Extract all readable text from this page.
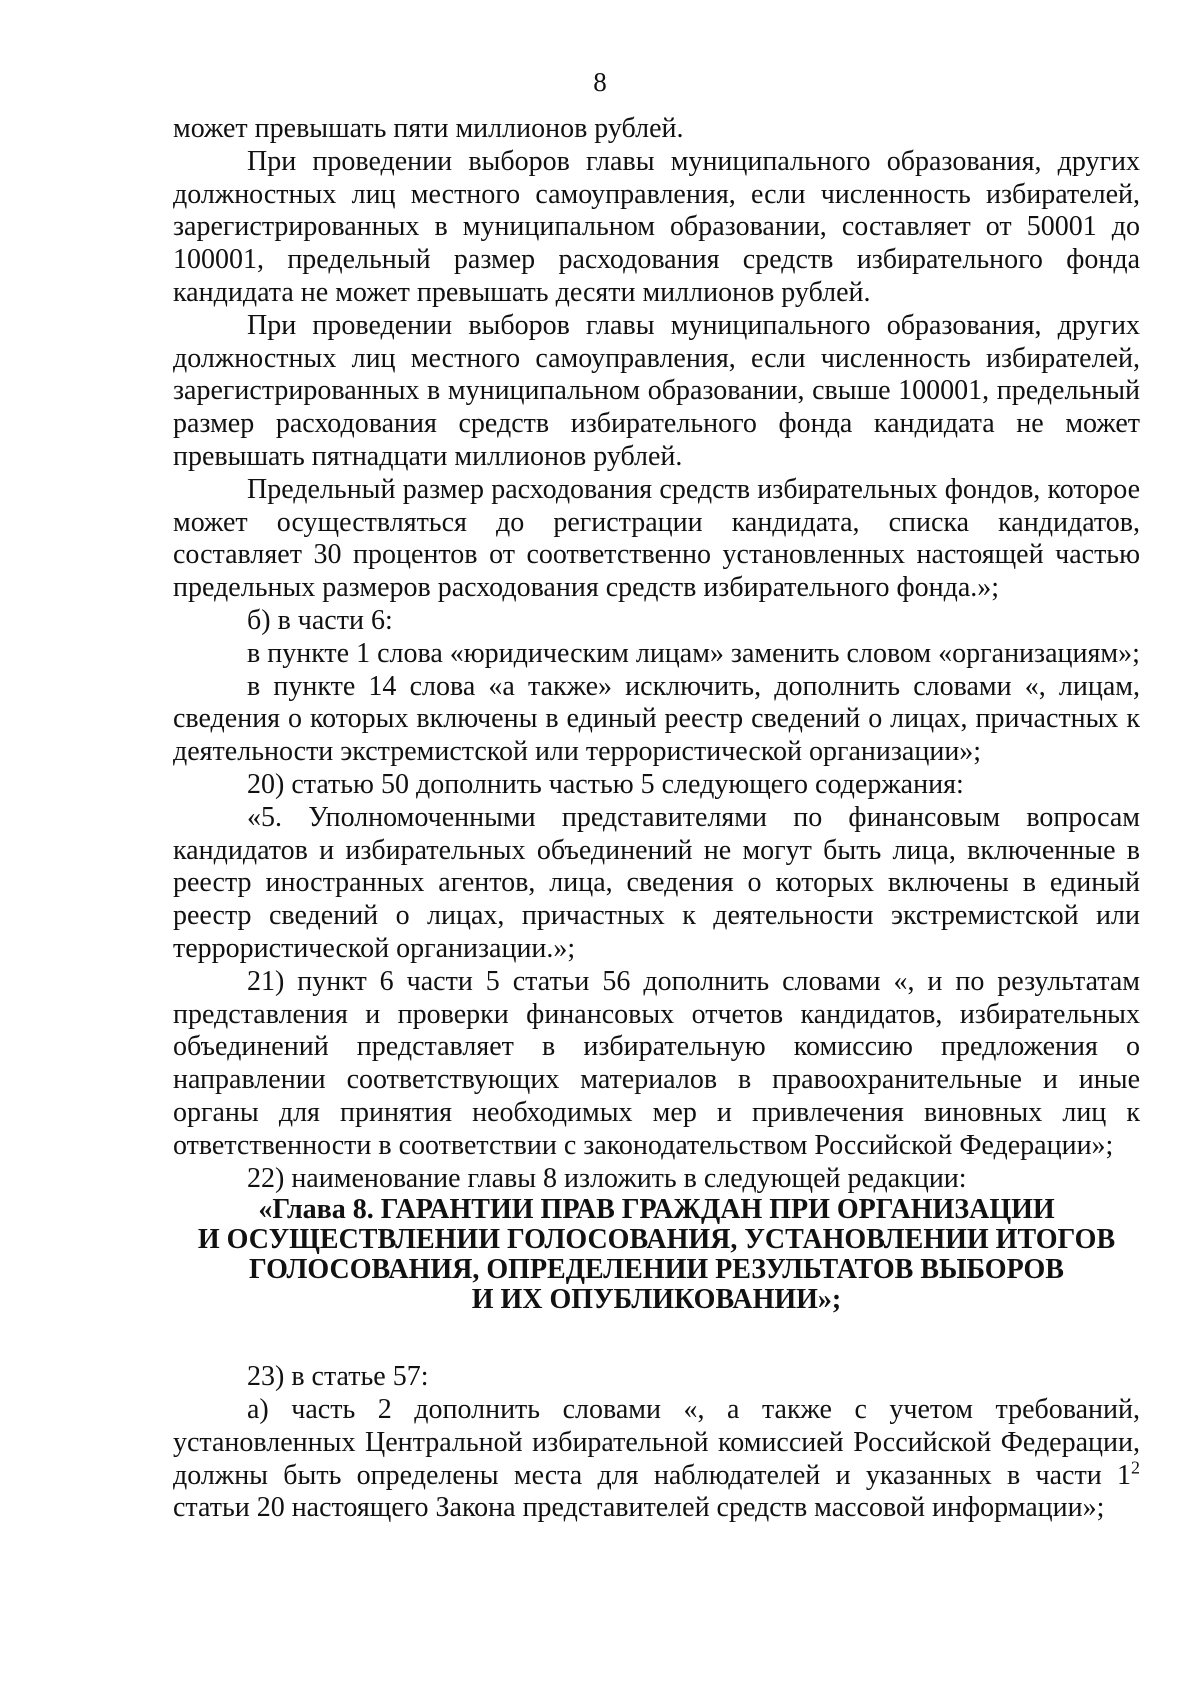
8

может превышать пяти миллионов рублей.

При проведении выборов главы муниципального образования, других должностных лиц местного самоуправления, если численность избирателей, зарегистрированных в муниципальном образовании, составляет от 50001 до 100001, предельный размер расходования средств избирательного фонда кандидата не может превышать десяти миллионов рублей.

При проведении выборов главы муниципального образования, других должностных лиц местного самоуправления, если численность избирателей, зарегистрированных в муниципальном образовании, свыше 100001, предельный размер расходования средств избирательного фонда кандидата не может превышать пятнадцати миллионов рублей.

Предельный размер расходования средств избирательных фондов, которое может осуществляться до регистрации кандидата, списка кандидатов, составляет 30 процентов от соответственно установленных настоящей частью предельных размеров расходования средств избирательного фонда.»;

б) в части 6:

в пункте 1 слова «юридическим лицам» заменить словом «организациям»;

в пункте 14 слова «а также» исключить, дополнить словами «, лицам, сведения о которых включены в единый реестр сведений о лицах, причастных к деятельности экстремистской или террористической организации»;

20) статью 50 дополнить частью 5 следующего содержания:

«5. Уполномоченными представителями по финансовым вопросам кандидатов и избирательных объединений не могут быть лица, включенные в реестр иностранных агентов, лица, сведения о которых включены в единый реестр сведений о лицах, причастных к деятельности экстремистской или террористической организации.»;

21) пункт 6 части 5 статьи 56 дополнить словами «, и по результатам представления и проверки финансовых отчетов кандидатов, избирательных объединений представляет в избирательную комиссию предложения о направлении соответствующих материалов в правоохранительные и иные органы для принятия необходимых мер и привлечения виновных лиц к ответственности в соответствии с законодательством Российской Федерации»;

22) наименование главы 8 изложить в следующей редакции:

«Глава 8. ГАРАНТИИ ПРАВ ГРАЖДАН ПРИ ОРГАНИЗАЦИИ
И ОСУЩЕСТВЛЕНИИ ГОЛОСОВАНИЯ, УСТАНОВЛЕНИИ ИТОГОВ
ГОЛОСОВАНИЯ, ОПРЕДЕЛЕНИИ РЕЗУЛЬТАТОВ ВЫБОРОВ
И ИХ ОПУБЛИКОВАНИИ»;

23) в статье 57:

а) часть 2 дополнить словами «, а также с учетом требований, установленных Центральной избирательной комиссией Российской Федерации, должны быть определены места для наблюдателей и указанных в части $1^2$

статьи 20 настоящего Закона представителей средств массовой информации»;
